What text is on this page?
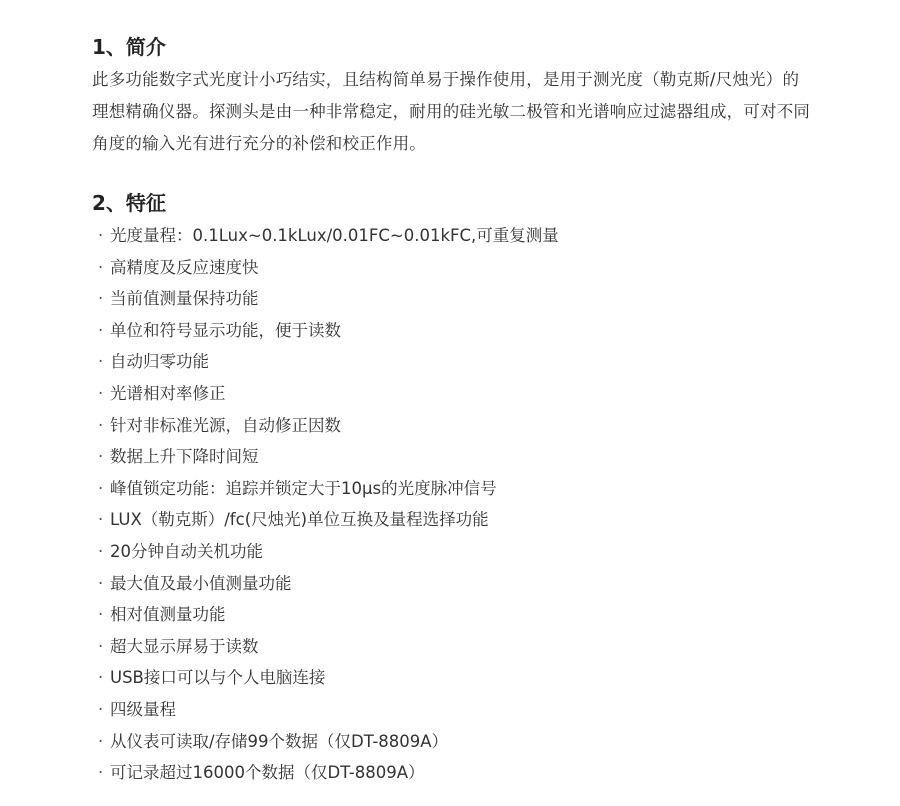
1、简介

此多功能数字式光度计小巧结实，且结构简单易于操作使用，是用于测光度（勒克斯/尺烛光）的理想精确仪器。探测头是由一种非常稳定，耐用的硅光敏二极管和光谱响应过滤器组成，可对不同角度的输入光有进行充分的补偿和校正作用。

2、特征
· 光度量程：0.1Lux~0.1kLux/0.01FC~0.01kFC,可重复测量
· 高精度及反应速度快
· 当前值测量保持功能
· 单位和符号显示功能，便于读数
· 自动归零功能
· 光谱相对率修正
· 针对非标准光源，自动修正因数
· 数据上升下降时间短
· 峰值锁定功能：追踪并锁定大于10μs的光度脉冲信号
· LUX（勒克斯）/fc(尺烛光)单位互换及量程选择功能
· 20分钟自动关机功能
· 最大值及最小值测量功能
· 相对值测量功能
· 超大显示屏易于读数
· USB接口可以与个人电脑连接
· 四级量程
· 从仪表可读取/存储99个数据（仅DT-8809A）
· 可记录超过16000个数据（仅DT-8809A）
